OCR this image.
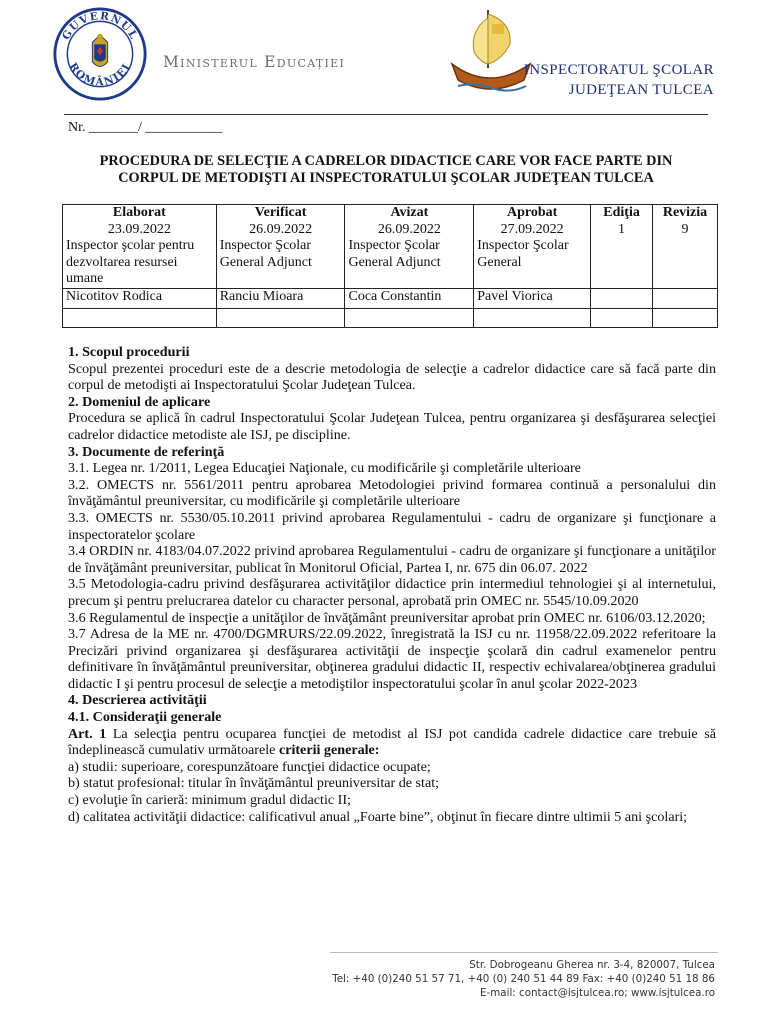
GUVERNUL
ROMÂNIEI Ministerul Educației	INSPECTORATUL ŞCOLAR
JUDEŢEAN TULCEA
Nr. _______/ ___________
PROCEDURA DE SELECŢIE A CADRELOR DIDACTICE CARE VOR FACE PARTE DIN
CORPUL DE METODIŞTI AI INSPECTORATULUI ŞCOLAR JUDEŢEAN TULCEA
Elaborat	Verificat	Avizat	Aprobat	Ediţia	Revizia
23.09.2022	26.09.2022	26.09.2022	27.09.2022	1	9
Inspector şcolar pentru dezvoltarea resursei umane	Inspector Şcolar General Adjunct	Inspector Şcolar General Adjunct	Inspector Şcolar General		
Nicotitov Rodica	Ranciu Mioara	Coca Constantin	Pavel Viorica		

1. Scopul procedurii

Scopul prezentei proceduri este de a descrie metodologia de selecţie a cadrelor didactice care să facă parte din corpul de metodişti ai Inspectoratului Şcolar Judeţean Tulcea.

2. Domeniul de aplicare

Procedura se aplică în cadrul Inspectoratului Şcolar Judeţean Tulcea, pentru organizarea şi desfăşurarea selecţiei cadrelor didactice metodiste ale ISJ, pe discipline.

3. Documente de referinţă

3.1. Legea nr. 1/2011, Legea Educaţiei Naţionale, cu modificările şi completările ulterioare

3.2. OMECTS nr. 5561/2011 pentru aprobarea Metodologiei privind formarea continuă a personalului din învăţământul preuniversitar, cu modificările şi completările ulterioare

3.3. OMECTS nr. 5530/05.10.2011 privind aprobarea Regulamentului - cadru de organizare şi funcţionare a inspectoratelor şcolare

3.4 ORDIN nr. 4183/04.07.2022 privind aprobarea Regulamentului - cadru de organizare şi funcţionare a unităţilor de învăţământ preuniversitar, publicat în Monitorul Oficial, Partea I, nr. 675 din 06.07. 2022

3.5 Metodologia-cadru privind desfăşurarea activităţilor didactice prin intermediul tehnologiei şi al internetului, precum şi pentru prelucrarea datelor cu character personal, aprobată prin OMEC nr. 5545/10.09.2020

3.6 Regulamentul de inspecţie a unităţilor de învăţământ preuniversitar aprobat prin OMEC nr. 6106/03.12.2020;

3.7 Adresa de la ME nr. 4700/DGMRURS/22.09.2022, înregistrată la ISJ cu nr. 11958/22.09.2022 referitoare la Precizări privind organizarea şi desfăşurarea activităţii de inspecţie şcolară din cadrul examenelor pentru definitivare în învăţământul preuniversitar, obţinerea gradului didactic II, respectiv echivalarea/obţinerea gradului didactic I şi pentru procesul de selecţie a metodiştilor inspectoratului şcolar în anul şcolar 2022-2023

4. Descrierea activităţii

4.1. Consideraţii generale

Art. 1 La selecţia pentru ocuparea funcţiei de metodist al ISJ pot candida cadrele didactice care trebuie să îndeplinească cumulativ următoarele criterii generale:

a) studii: superioare, corespunzătoare funcţiei didactice ocupate;

b) statut profesional: titular în învăţământul preuniversitar de stat;

c) evoluţie în carieră: minimum gradul didactic II;

d) calitatea activităţii didactice: calificativul anual „Foarte bine”, obţinut în fiecare dintre ultimii 5 ani şcolari;

Str. Dobrogeanu Gherea nr. 3-4, 820007, Tulcea
Tel: +40 (0)240 51 57 71, +40 (0) 240 51 44 89 Fax: +40 (0)240 51 18 86
E-mail: contact@isjtulcea.ro; www.isjtulcea.ro
